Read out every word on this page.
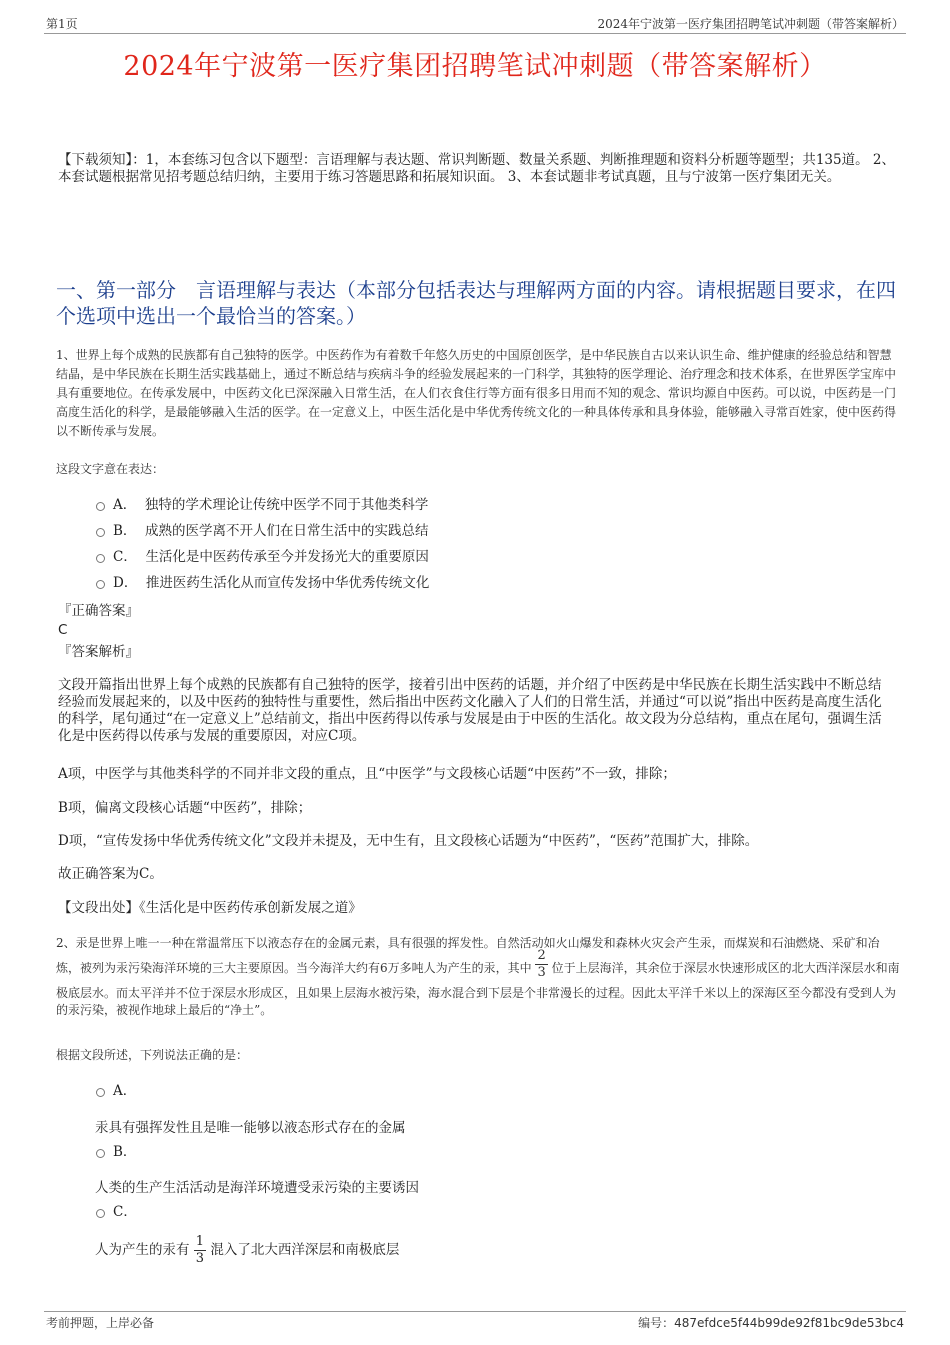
第1页	2024年宁波第一医疗集团招聘笔试冲刺题（带答案解析）
2024年宁波第一医疗集团招聘笔试冲刺题（带答案解析）
【下载须知】：1，本套练习包含以下题型：言语理解与表达题、常识判断题、数量关系题、判断推理题和资料分析题等题型；共135道。 2、本套试题根据常见招考题总结归纳，主要用于练习答题思路和拓展知识面。 3、本套试题非考试真题，且与宁波第一医疗集团无关。
一、第一部分　言语理解与表达（本部分包括表达与理解两方面的内容。请根据题目要求，在四个选项中选出一个最恰当的答案。）
1、世界上每个成熟的民族都有自己独特的医学。中医药作为有着数千年悠久历史的中国原创医学，是中华民族自古以来认识生命、维护健康的经验总结和智慧结晶，是中华民族在长期生活实践基础上，通过不断总结与疾病斗争的经验发展起来的一门科学，其独特的医学理论、治疗理念和技术体系，在世界医学宝库中具有重要地位。在传承发展中，中医药文化已深深融入日常生活，在人们衣食住行等方面有很多日用而不知的观念、常识均源自中医药。可以说，中医药是一门高度生活化的科学，是最能够融入生活的医学。在一定意义上，中医生活化是中华优秀传统文化的一种具体传承和具身体验，能够融入寻常百姓家，使中医药得以不断传承与发展。
这段文字意在表达：
A． 独特的学术理论让传统中医学不同于其他类科学
B． 成熟的医学离不开人们在日常生活中的实践总结
C． 生活化是中医药传承至今并发扬光大的重要原因
D． 推进医药生活化从而宣传发扬中华优秀传统文化
『正确答案』
C
『答案解析』
文段开篇指出世界上每个成熟的民族都有自己独特的医学，接着引出中医药的话题，并介绍了中医药是中华民族在长期生活实践中不断总结经验而发展起来的，以及中医药的独特性与重要性，然后指出中医药文化融入了人们的日常生活，并通过“可以说”指出中医药是高度生活化的科学，尾句通过“在一定意义上”总结前文，指出中医药得以传承与发展是由于中医的生活化。故文段为分总结构，重点在尾句，强调生活化是中医药得以传承与发展的重要原因，对应C项。
A项，中医学与其他类科学的不同并非文段的重点，且“中医学”与文段核心话题“中医药”不一致，排除；
B项，偏离文段核心话题“中医药”，排除；
D项，“宣传发扬中华优秀传统文化”文段并未提及，无中生有，且文段核心话题为“中医药”，“医药”范围扩大，排除。
故正确答案为C。
【文段出处】《生活化是中医药传承创新发展之道》
2、汞是世界上唯一一种在常温常压下以液态存在的金属元素，具有很强的挥发性。自然活动如火山爆发和森林火灾会产生汞，而煤炭和石油燃烧、采矿和冶炼，被列为汞污染海洋环境的三大主要原因。当今海洋大约有6万多吨人为产生的汞，其中 $\frac{2}{3}$ 位于上层海洋，其余位于深层水快速形成区的北大西洋深层水和南极底层水。而太平洋并不位于深层水形成区，且如果上层海水被污染，海水混合到下层是个非常漫长的过程。因此太平洋千米以上的深海区至今都没有受到人为的汞污染，被视作地球上最后的“净土”。
根据文段所述，下列说法正确的是：
A．
汞具有强挥发性且是唯一能够以液态形式存在的金属
B．
人类的生产生活活动是海洋环境遭受汞污染的主要诱因
C．
人为产生的汞有 $\frac{1}{3}$ 混入了北大西洋深层和南极底层
考前押题，上岸必备	编号：487efdce5f44b99de92f81bc9de53bc4
